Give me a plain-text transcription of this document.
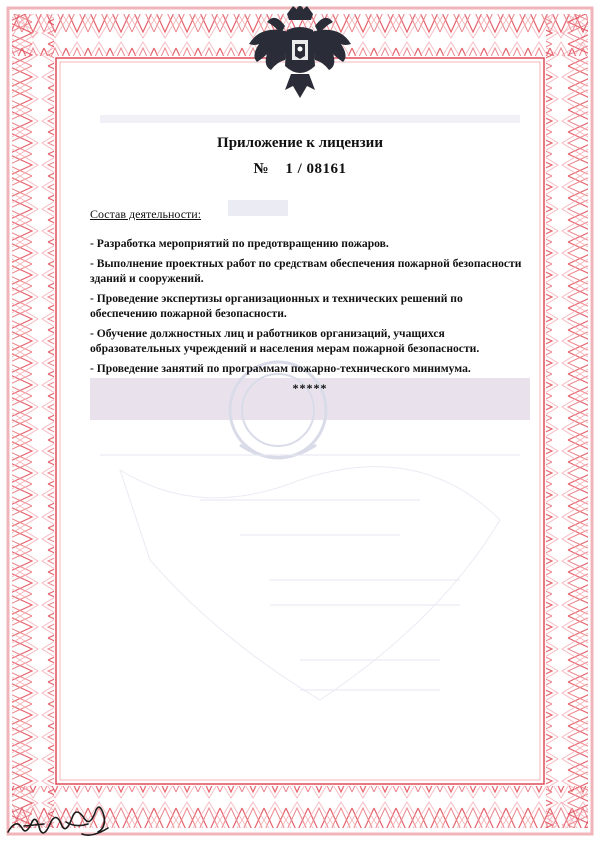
Приложение к лицензии
№ 1 / 08161
Состав деятельности:
- Разработка мероприятий по предотвращению пожаров.
- Выполнение проектных работ по средствам обеспечения пожарной безопасности зданий и сооружений.
- Проведение экспертизы организационных и технических решений по обеспечению пожарной безопасности.
- Обучение должностных лиц и работников организаций, учащихся образовательных учреждений и населения мерам пожарной безопасности.
- Проведение занятий по программам пожарно-технического минимума.
*****
